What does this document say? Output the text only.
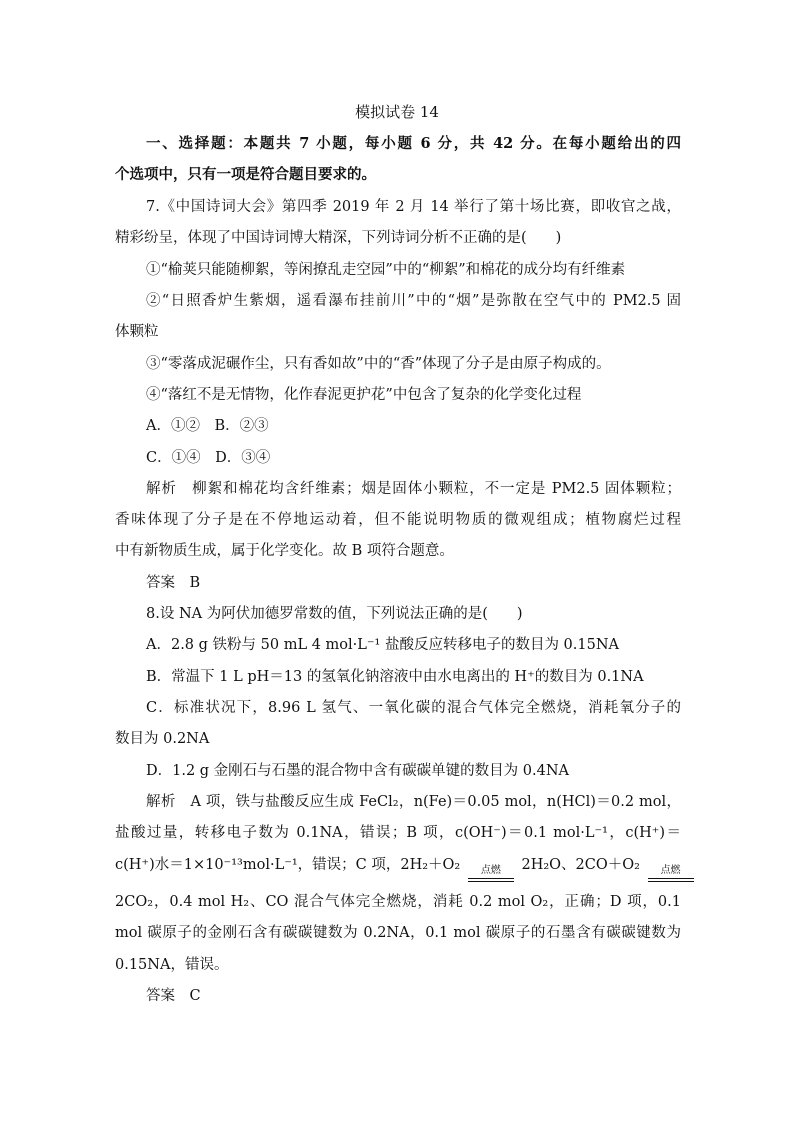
模拟试卷 14
一、选择题：本题共 7 小题，每小题 6 分，共 42 分。在每小题给出的四
个选项中，只有一项是符合题目要求的。
7.《中国诗词大会》第四季 2019 年 2 月 14 举行了第十场比赛，即收官之战，
精彩纷呈，体现了中国诗词博大精深，下列诗词分析不正确的是(　　)
①“榆荚只能随柳絮，等闲撩乱走空园”中的“柳絮”和棉花的成分均有纤维素
②“日照香炉生紫烟，遥看瀑布挂前川”中的“烟”是弥散在空气中的 PM2.5 固
体颗粒
③“零落成泥碾作尘，只有香如故”中的“香”体现了分子是由原子构成的。
④“落红不是无情物，化作春泥更护花”中包含了复杂的化学变化过程
A．①②　B．②③
C．①④　D．③④
解析　柳絮和棉花均含纤维素；烟是固体小颗粒，不一定是 PM2.5 固体颗粒；
香味体现了分子是在不停地运动着，但不能说明物质的微观组成；植物腐烂过程
中有新物质生成，属于化学变化。故 B 项符合题意。
答案　B
8.设 NA 为阿伏加德罗常数的值，下列说法正确的是(　　)
A．2.8 g 铁粉与 50 mL 4 mol·L⁻¹ 盐酸反应转移电子的数目为 0.15NA
B．常温下 1 L pH＝13 的氢氧化钠溶液中由水电离出的 H⁺的数目为 0.1NA
C．标准状况下，8.96 L 氢气、一氧化碳的混合气体完全燃烧，消耗氧分子的
数目为 0.2NA
D．1.2 g 金刚石与石墨的混合物中含有碳碳单键的数目为 0.4NA
解析　A 项，铁与盐酸反应生成 FeCl₂，n(Fe)＝0.05 mol，n(HCl)＝0.2 mol，
盐酸过量，转移电子数为 0.1NA，错误；B 项，c(OH⁻)＝0.1 mol·L⁻¹，c(H⁺)＝
c(H⁺)水＝1×10⁻¹³mol·L⁻¹，错误；C 项，2H₂＋O₂	点燃	2H₂O、2CO＋O₂	点燃
2CO₂，0.4 mol H₂、CO 混合气体完全燃烧，消耗 0.2 mol O₂，正确；D 项，0.1
mol 碳原子的金刚石含有碳碳键数为 0.2NA，0.1 mol 碳原子的石墨含有碳碳键数为
0.15NA，错误。
答案　C
